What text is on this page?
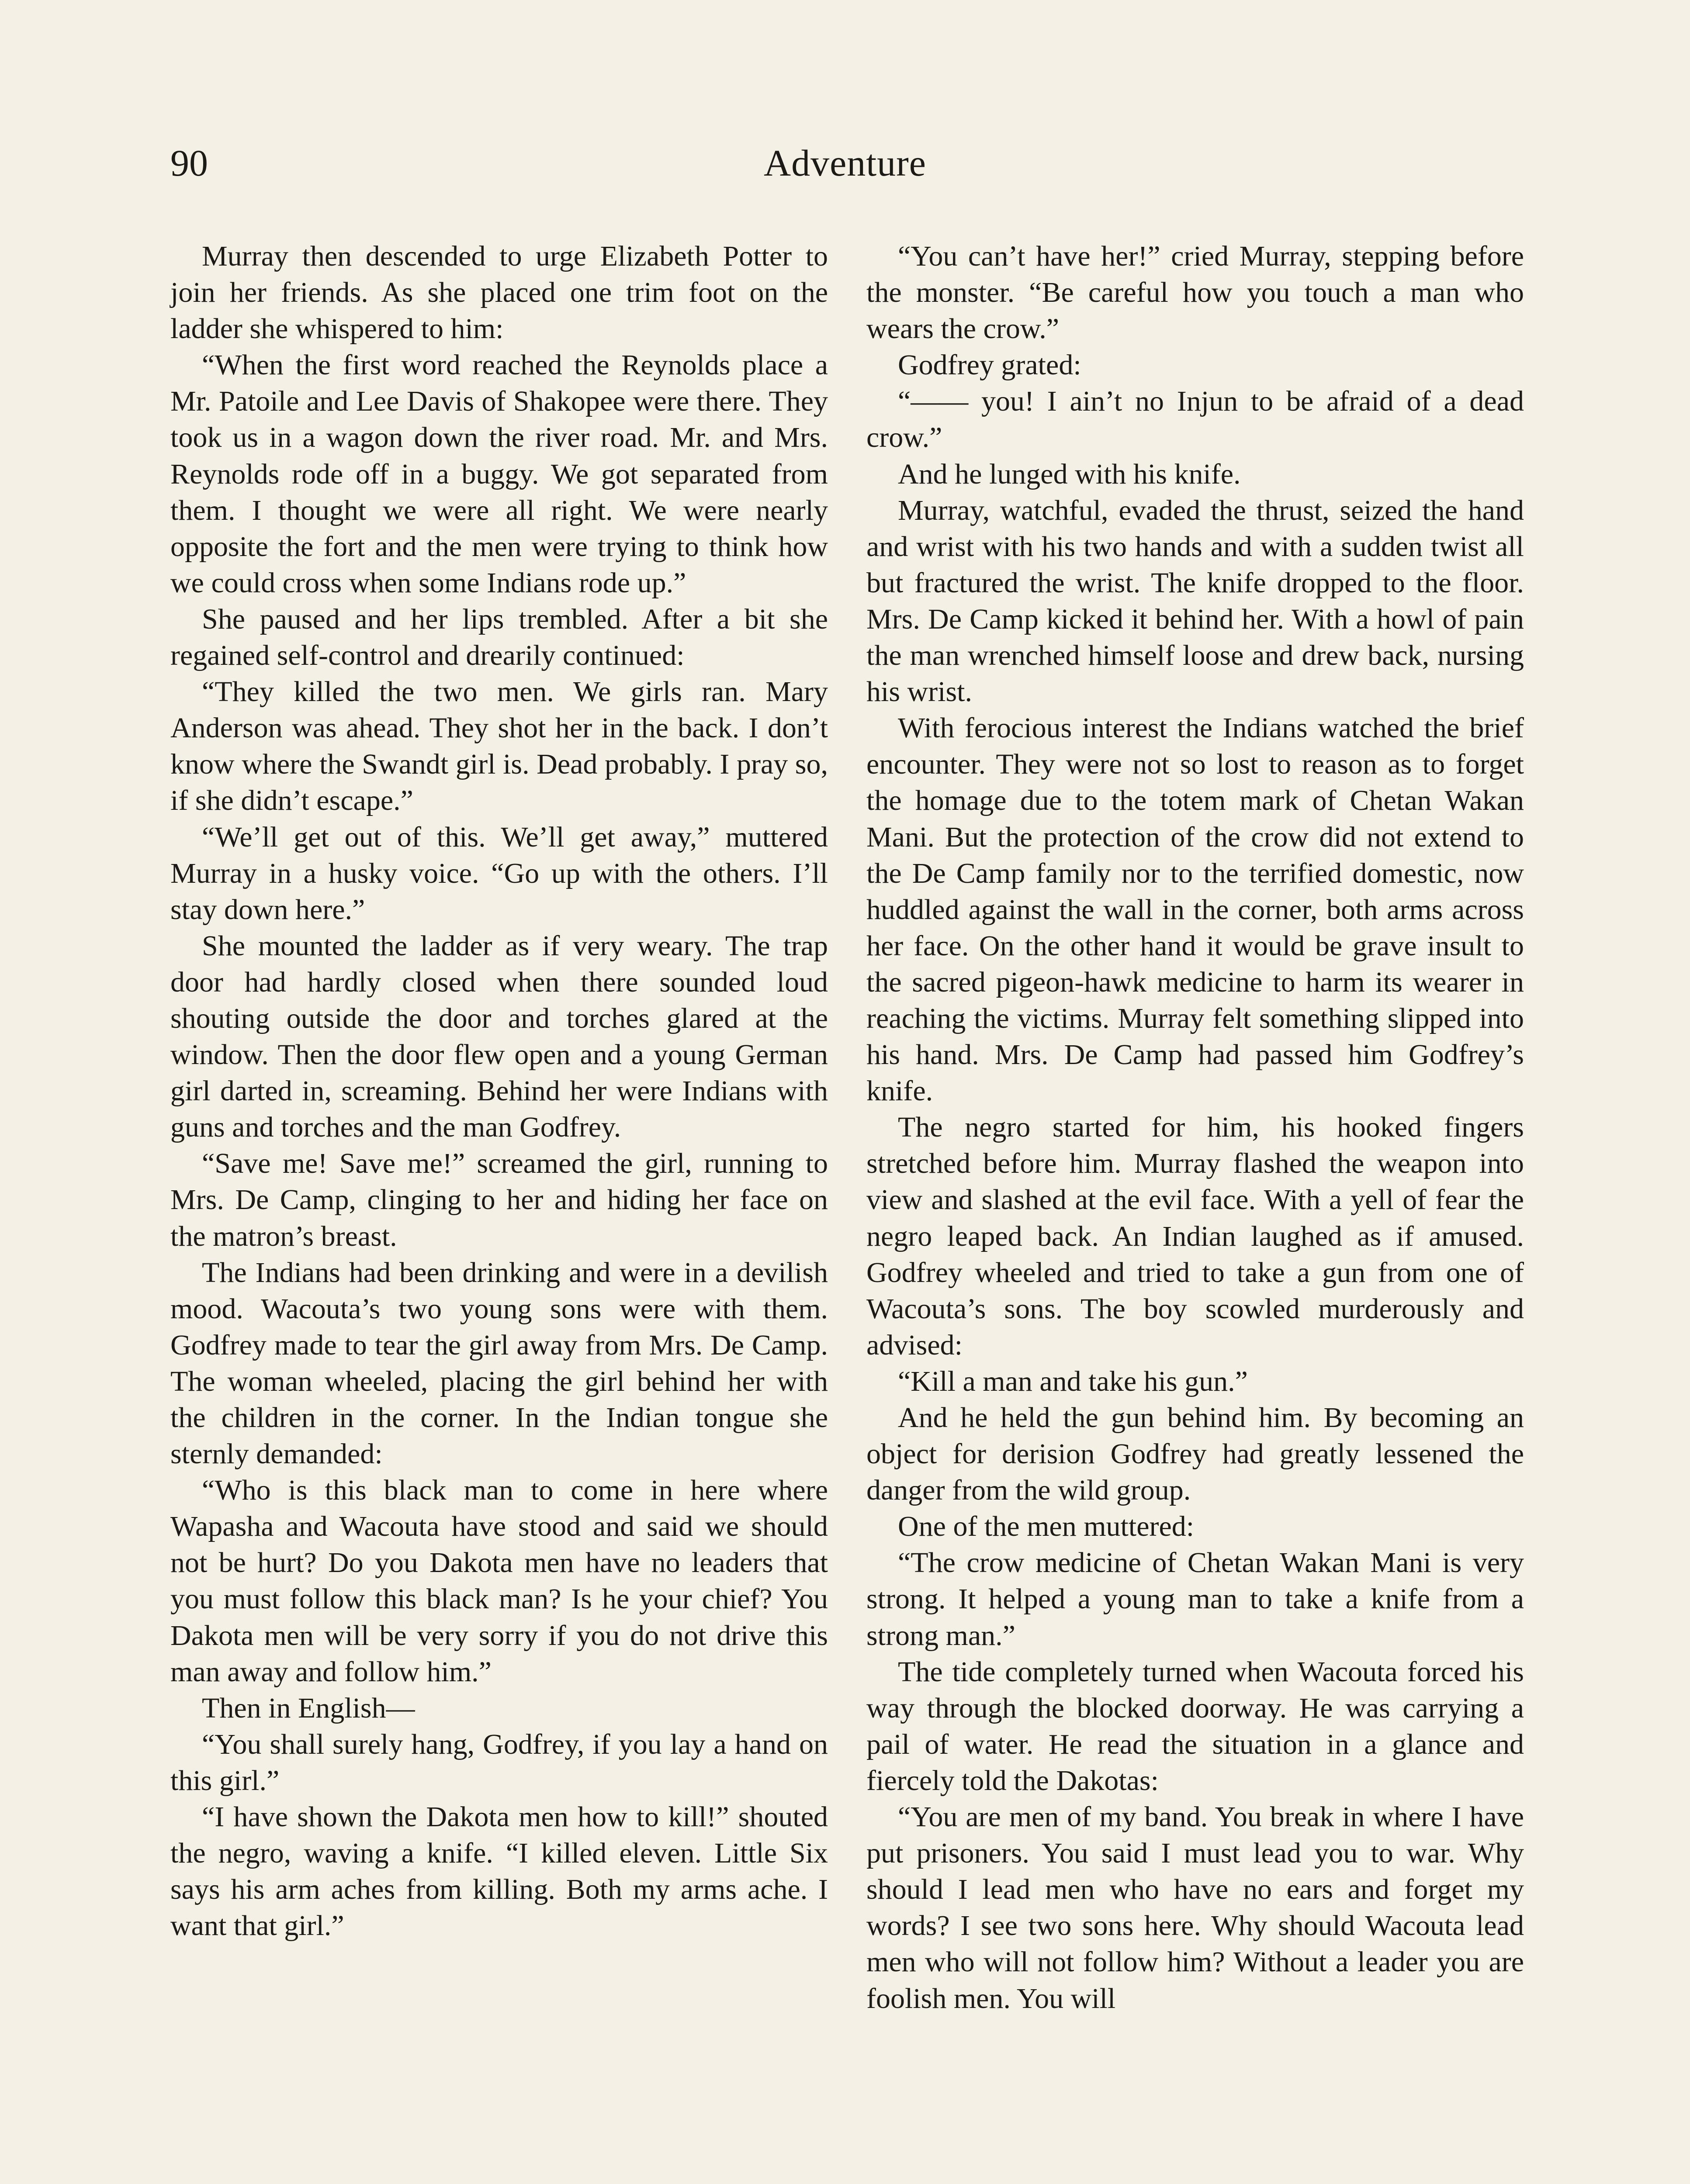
90	Adventure

Murray then descended to urge Elizabeth Potter to join her friends. As she placed one trim foot on the ladder she whispered to him:

“When the first word reached the Reynolds place a Mr. Patoile and Lee Davis of Shakopee were there. They took us in a wagon down the river road. Mr. and Mrs. Reynolds rode off in a buggy. We got separated from them. I thought we were all right. We were nearly opposite the fort and the men were trying to think how we could cross when some Indians rode up.”

She paused and her lips trembled. After a bit she regained self-control and drearily continued:

“They killed the two men. We girls ran. Mary Anderson was ahead. They shot her in the back. I don’t know where the Swandt girl is. Dead probably. I pray so, if she didn’t escape.”

“We’ll get out of this. We’ll get away,” muttered Murray in a husky voice. “Go up with the others. I’ll stay down here.”

She mounted the ladder as if very weary. The trap door had hardly closed when there sounded loud shouting outside the door and torches glared at the window. Then the door flew open and a young German girl darted in, screaming. Behind her were Indians with guns and torches and the man Godfrey.

“Save me! Save me!” screamed the girl, running to Mrs. De Camp, clinging to her and hiding her face on the matron’s breast.

The Indians had been drinking and were in a devilish mood. Wacouta’s two young sons were with them. Godfrey made to tear the girl away from Mrs. De Camp. The woman wheeled, placing the girl behind her with the children in the corner. In the Indian tongue she sternly demanded:

“Who is this black man to come in here where Wapasha and Wacouta have stood and said we should not be hurt? Do you Dakota men have no leaders that you must follow this black man? Is he your chief? You Dakota men will be very sorry if you do not drive this man away and follow him.”

Then in English—

“You shall surely hang, Godfrey, if you lay a hand on this girl.”

“I have shown the Dakota men how to kill!” shouted the negro, waving a knife. “I killed eleven. Little Six says his arm aches from killing. Both my arms ache. I want that girl.”

“You can’t have her!” cried Murray, stepping before the monster. “Be careful how you touch a man who wears the crow.”

Godfrey grated:

“—— you! I ain’t no Injun to be afraid of a dead crow.”

And he lunged with his knife.

Murray, watchful, evaded the thrust, seized the hand and wrist with his two hands and with a sudden twist all but fractured the wrist. The knife dropped to the floor. Mrs. De Camp kicked it behind her. With a howl of pain the man wrenched himself loose and drew back, nursing his wrist.

With ferocious interest the Indians watched the brief encounter. They were not so lost to reason as to forget the homage due to the totem mark of Chetan Wakan Mani. But the protection of the crow did not extend to the De Camp family nor to the terrified domestic, now huddled against the wall in the corner, both arms across her face. On the other hand it would be grave insult to the sacred pigeon-hawk medicine to harm its wearer in reaching the victims. Murray felt something slipped into his hand. Mrs. De Camp had passed him Godfrey’s knife.

The negro started for him, his hooked fingers stretched before him. Murray flashed the weapon into view and slashed at the evil face. With a yell of fear the negro leaped back. An Indian laughed as if amused. Godfrey wheeled and tried to take a gun from one of Wacouta’s sons. The boy scowled murderously and advised:

“Kill a man and take his gun.”

And he held the gun behind him. By becoming an object for derision Godfrey had greatly lessened the danger from the wild group.

One of the men muttered:

“The crow medicine of Chetan Wakan Mani is very strong. It helped a young man to take a knife from a strong man.”

The tide completely turned when Wacouta forced his way through the blocked doorway. He was carrying a pail of water. He read the situation in a glance and fiercely told the Dakotas:

“You are men of my band. You break in where I have put prisoners. You said I must lead you to war. Why should I lead men who have no ears and forget my words? I see two sons here. Why should Wacouta lead men who will not follow him? Without a leader you are foolish men. You will
